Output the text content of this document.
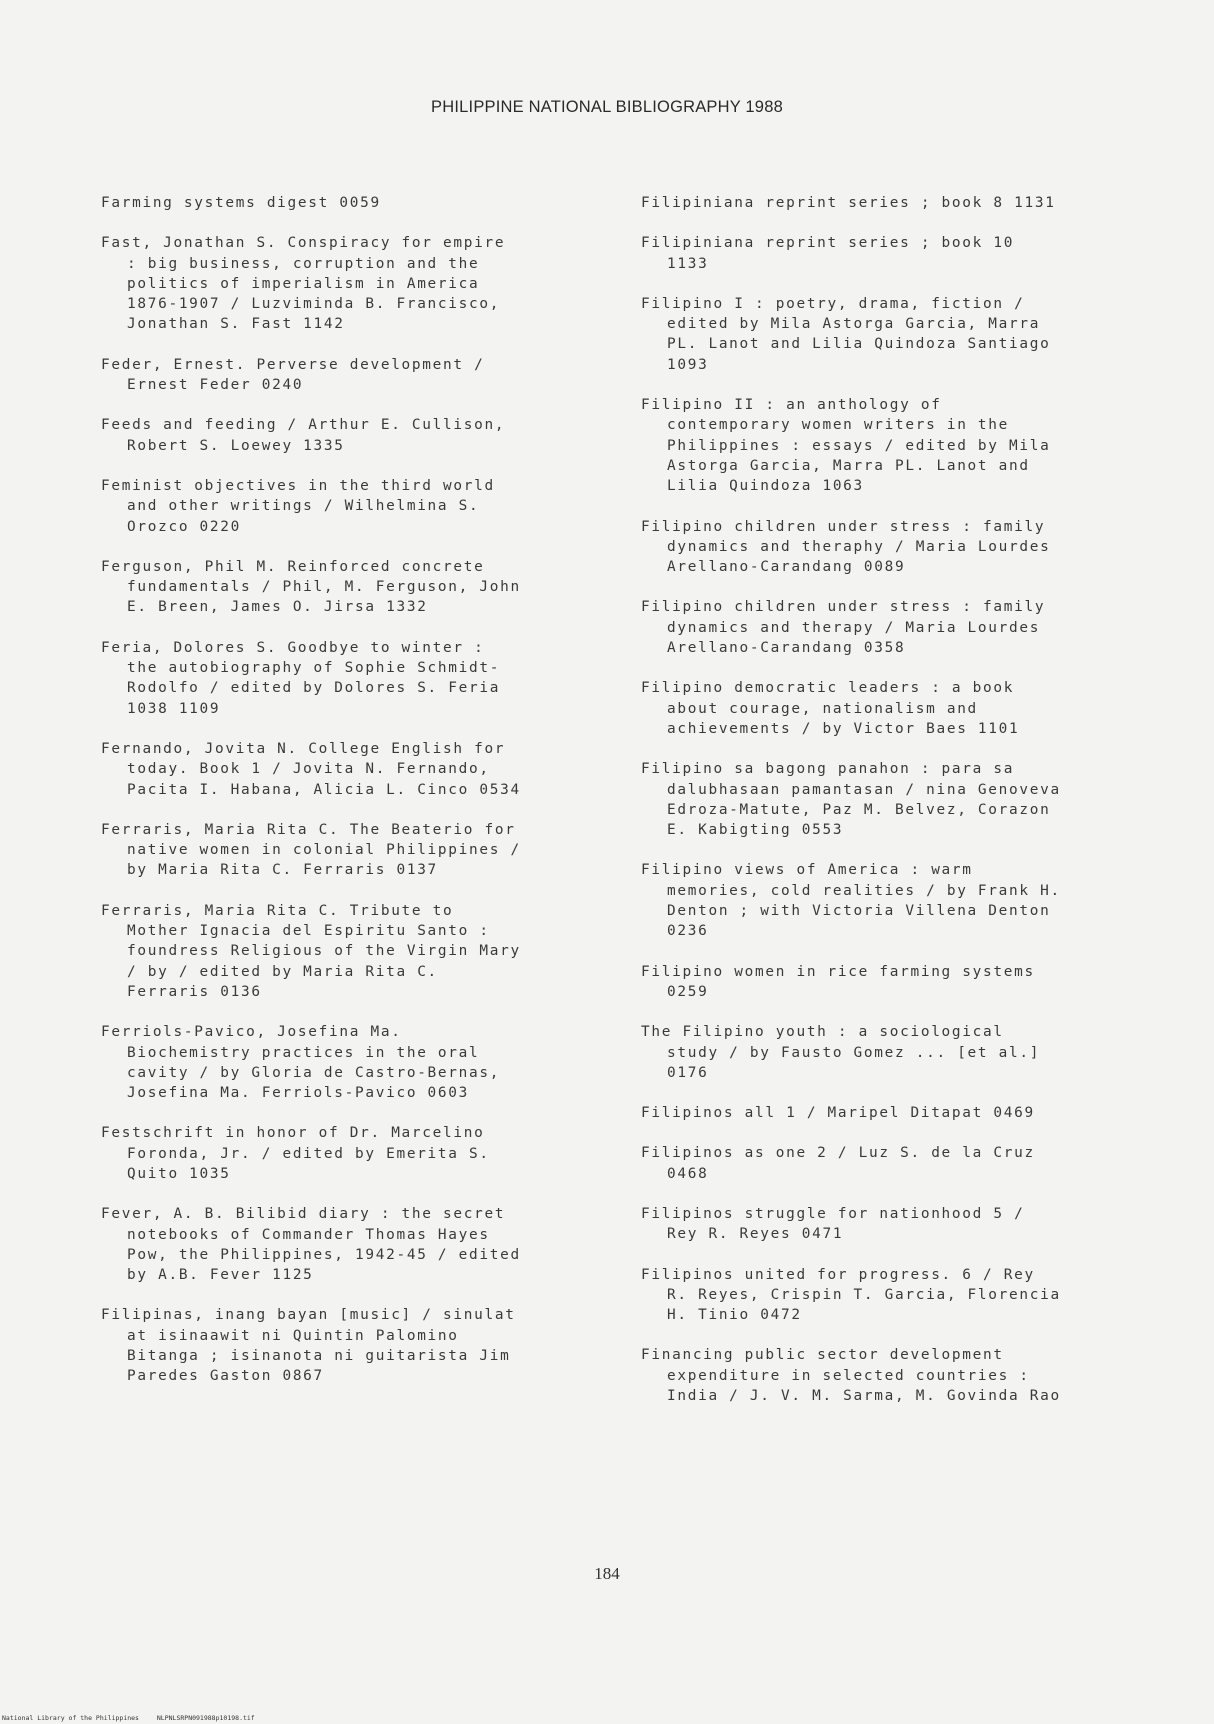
PHILIPPINE NATIONAL BIBLIOGRAPHY 1988
Farming systems digest 0059
Fast, Jonathan S. Conspiracy for empire
: big business, corruption and the
politics of imperialism in America
1876-1907 / Luzviminda B. Francisco,
Jonathan S. Fast 1142
Feder, Ernest. Perverse development /
Ernest Feder 0240
Feeds and feeding / Arthur E. Cullison,
Robert S. Loewey 1335
Feminist objectives in the third world
and other writings / Wilhelmina S.
Orozco 0220
Ferguson, Phil M. Reinforced concrete
fundamentals / Phil, M. Ferguson, John
E. Breen, James O. Jirsa 1332
Feria, Dolores S. Goodbye to winter :
the autobiography of Sophie Schmidt-
Rodolfo / edited by Dolores S. Feria
1038 1109
Fernando, Jovita N. College English for
today. Book 1 / Jovita N. Fernando,
Pacita I. Habana, Alicia L. Cinco 0534
Ferraris, Maria Rita C. The Beaterio for
native women in colonial Philippines /
by Maria Rita C. Ferraris 0137
Ferraris, Maria Rita C. Tribute to
Mother Ignacia del Espiritu Santo :
foundress Religious of the Virgin Mary
/ by / edited by Maria Rita C.
Ferraris 0136
Ferriols-Pavico, Josefina Ma.
Biochemistry practices in the oral
cavity / by Gloria de Castro-Bernas,
Josefina Ma. Ferriols-Pavico 0603
Festschrift in honor of Dr. Marcelino
Foronda, Jr. / edited by Emerita S.
Quito 1035
Fever, A. B. Bilibid diary : the secret
notebooks of Commander Thomas Hayes
Pow, the Philippines, 1942-45 / edited
by A.B. Fever 1125
Filipinas, inang bayan [music] / sinulat
at isinaawit ni Quintin Palomino
Bitanga ; isinanota ni guitarista Jim
Paredes Gaston 0867
Filipiniana reprint series ; book 8 1131
Filipiniana reprint series ; book 10
1133
Filipino I : poetry, drama, fiction /
edited by Mila Astorga Garcia, Marra
PL. Lanot and Lilia Quindoza Santiago
1093
Filipino II : an anthology of
contemporary women writers in the
Philippines : essays / edited by Mila
Astorga Garcia, Marra PL. Lanot and
Lilia Quindoza 1063
Filipino children under stress : family
dynamics and theraphy / Maria Lourdes
Arellano-Carandang 0089
Filipino children under stress : family
dynamics and therapy / Maria Lourdes
Arellano-Carandang 0358
Filipino democratic leaders : a book
about courage, nationalism and
achievements / by Victor Baes 1101
Filipino sa bagong panahon : para sa
dalubhasaan pamantasan / nina Genoveva
Edroza-Matute, Paz M. Belvez, Corazon
E. Kabigting 0553
Filipino views of America : warm
memories, cold realities / by Frank H.
Denton ; with Victoria Villena Denton
0236
Filipino women in rice farming systems
0259
The Filipino youth : a sociological
study / by Fausto Gomez ... [et al.]
0176
Filipinos all 1 / Maripel Ditapat 0469
Filipinos as one 2 / Luz S. de la Cruz
0468
Filipinos struggle for nationhood 5 /
Rey R. Reyes 0471
Filipinos united for progress. 6 / Rey
R. Reyes, Crispin T. Garcia, Florencia
H. Tinio 0472
Financing public sector development
expenditure in selected countries :
India / J. V. M. Sarma, M. Govinda Rao
184
National Library of the Philippines	NLPNLSRPN091988p10198.tif
